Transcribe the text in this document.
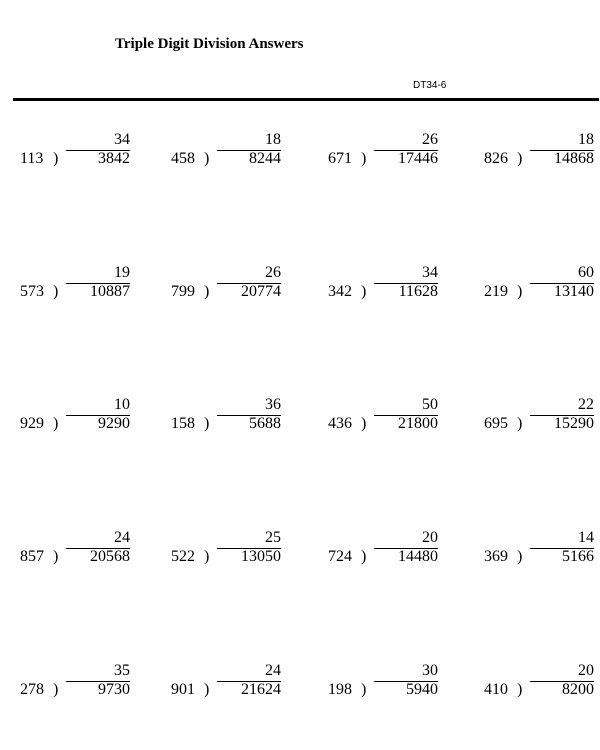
Triple Digit Division Answers
DT34-6
34
113 ) 3842
18
458 ) 8244
26
671 ) 17446
18
826 ) 14868
19
573 ) 10887
26
799 ) 20774
34
342 ) 11628
60
219 ) 13140
10
929 ) 9290
36
158 ) 5688
50
436 ) 21800
22
695 ) 15290
24
857 ) 20568
25
522 ) 13050
20
724 ) 14480
14
369 ) 5166
35
278 ) 9730
24
901 ) 21624
30
198 ) 5940
20
410 ) 8200
